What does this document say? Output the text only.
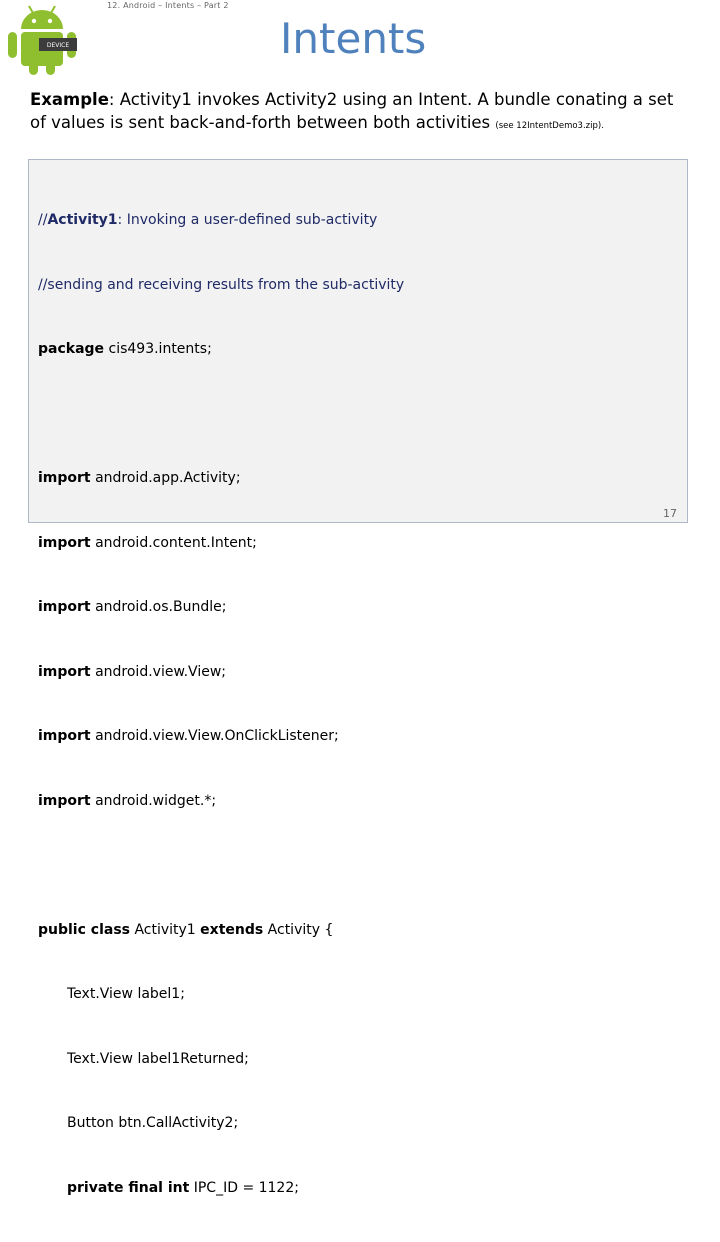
DEVICE
12. Android – Intents – Part 2
Intents
Example: Activity1 invokes Activity2 using an Intent. A bundle conating a set of values is sent back-and-forth between both activities (see 12IntentDemo3.zip).

//Activity1: Invoking a user-defined sub-activity

//sending and receiving results from the sub-activity

package cis493.intents;

import android.app.Activity;

import android.content.Intent;

import android.os.Bundle;

import android.view.View;

import android.view.View.OnClickListener;

import android.widget.*;

public class Activity1 extends Activity {

Text.View label1;

Text.View label1Returned;

Button btn.CallActivity2;

private final int IPC_ID = 1122;

17
